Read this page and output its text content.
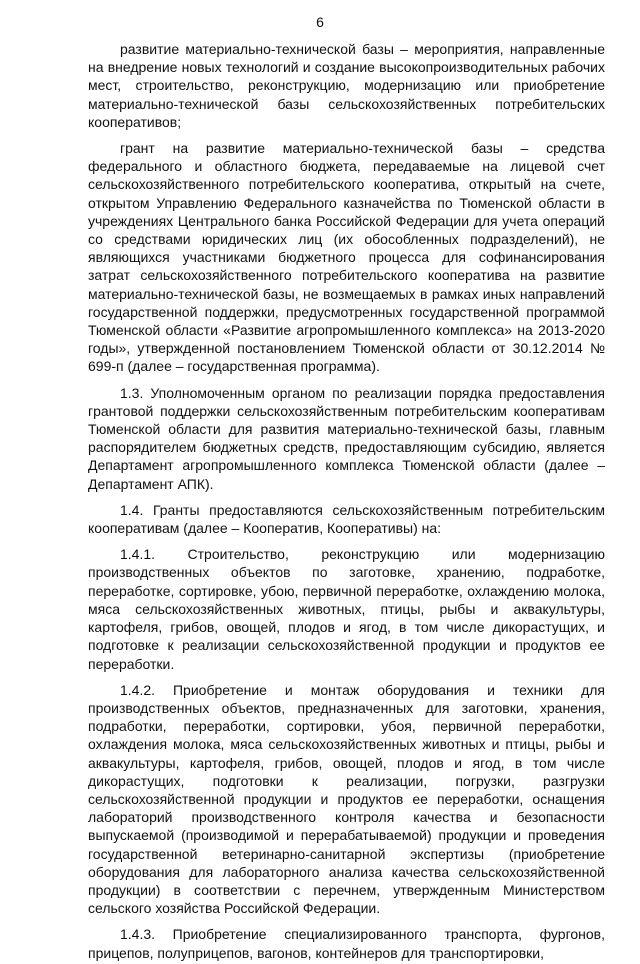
6

развитие материально-технической базы – мероприятия, направленные на внедрение новых технологий и создание высокопроизводительных рабочих мест, строительство, реконструкцию, модернизацию или приобретение материально-технической базы сельскохозяйственных потребительских кооперативов;

грант на развитие материально-технической базы – средства федерального и областного бюджета, передаваемые на лицевой счет сельскохозяйственного потребительского кооператива, открытый на счете, открытом Управлению Федерального казначейства по Тюменской области в учреждениях Центрального банка Российской Федерации для учета операций со средствами юридических лиц (их обособленных подразделений), не являющихся участниками бюджетного процесса для софинансирования затрат сельскохозяйственного потребительского кооператива на развитие материально-технической базы, не возмещаемых в рамках иных направлений государственной поддержки, предусмотренных государственной программой Тюменской области «Развитие агропромышленного комплекса» на 2013-2020 годы», утвержденной постановлением Тюменской области от 30.12.2014 № 699-п (далее – государственная программа).

1.3. Уполномоченным органом по реализации порядка предоставления грантовой поддержки сельскохозяйственным потребительским кооперативам Тюменской области для развития материально-технической базы, главным распорядителем бюджетных средств, предоставляющим субсидию, является Департамент агропромышленного комплекса Тюменской области (далее – Департамент АПК).

1.4. Гранты предоставляются сельскохозяйственным потребительским кооперативам (далее – Кооператив, Кооперативы) на:

1.4.1. Строительство, реконструкцию или модернизацию производственных объектов по заготовке, хранению, подработке, переработке, сортировке, убою, первичной переработке, охлаждению молока, мяса сельскохозяйственных животных, птицы, рыбы и аквакультуры, картофеля, грибов, овощей, плодов и ягод, в том числе дикорастущих, и подготовке к реализации сельскохозяйственной продукции и продуктов ее переработки.

1.4.2. Приобретение и монтаж оборудования и техники для производственных объектов, предназначенных для заготовки, хранения, подработки, переработки, сортировки, убоя, первичной переработки, охлаждения молока, мяса сельскохозяйственных животных и птицы, рыбы и аквакультуры, картофеля, грибов, овощей, плодов и ягод, в том числе дикорастущих, подготовки к реализации, погрузки, разгрузки сельскохозяйственной продукции и продуктов ее переработки, оснащения лабораторий производственного контроля качества и безопасности выпускаемой (производимой и перерабатываемой) продукции и проведения государственной ветеринарно-санитарной экспертизы (приобретение оборудования для лабораторного анализа качества сельскохозяйственной продукции) в соответствии с перечнем, утвержденным Министерством сельского хозяйства Российской Федерации.

1.4.3. Приобретение специализированного транспорта, фургонов, прицепов, полуприцепов, вагонов, контейнеров для транспортировки,
